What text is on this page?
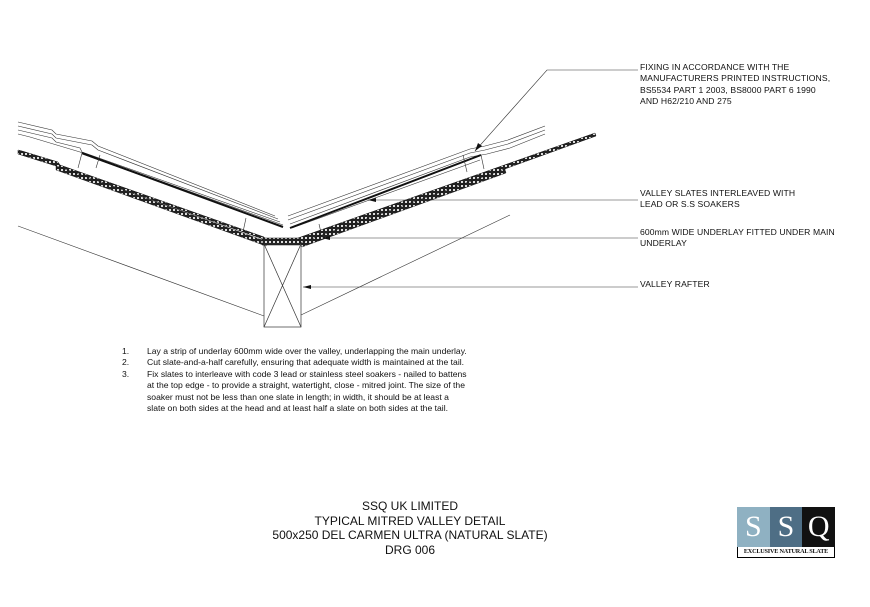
FIXING IN ACCORDANCE WITH THE
MANUFACTURERS PRINTED INSTRUCTIONS,
BS5534 PART 1 2003, BS8000 PART 6 1990
AND H62/210 AND 275
VALLEY SLATES INTERLEAVED WITH
LEAD OR S.S SOAKERS
600mm WIDE UNDERLAY FITTED UNDER MAIN
UNDERLAY
VALLEY RAFTER
1.	Lay a strip of underlay 600mm wide over the valley, underlapping the main underlay.
2.	Cut slate-and-a-half carefully, ensuring that adequate width is maintained at the tail.
3.	Fix slates to interleave with code 3 lead or stainless steel soakers - nailed to battens at the top edge - to provide a straight, watertight, close - mitred joint. The size of the soaker must not be less than one slate in length; in width, it should be at least a slate on both sides at the head and at least half a slate on both sides at the tail.
SSQ UK LIMITED
TYPICAL MITRED VALLEY DETAIL
500x250 DEL CARMEN ULTRA (NATURAL SLATE)
DRG 006
S S Q
EXCLUSIVE NATURAL SLATE
